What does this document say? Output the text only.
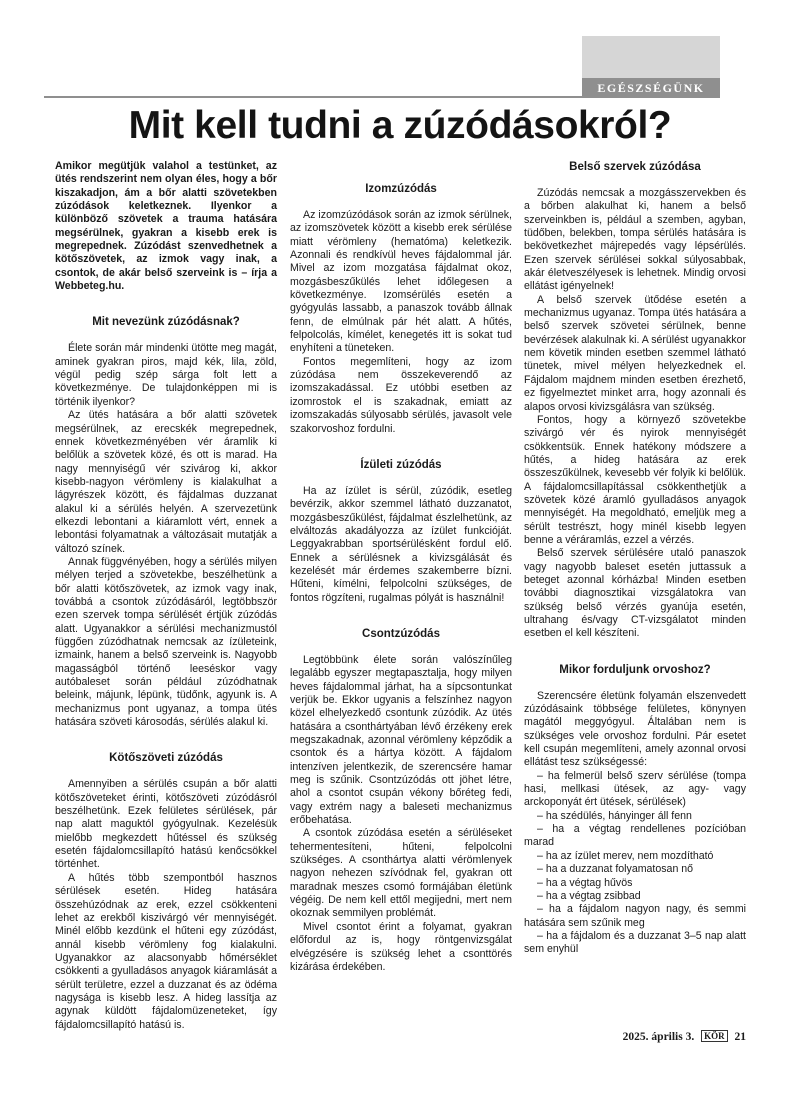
EGÉSZSÉGÜNK
Mit kell tudni a zúzódásokról?

Amikor megütjük valahol a testünket, az ütés rendszerint nem olyan éles, hogy a bőr kiszakadjon, ám a bőr alatti szövetekben zúzódások keletkeznek. Ilyenkor a különböző szövetek a trauma hatására megsérülnek, gyakran a kisebb erek is megrepednek. Zúzódást szenvedhetnek a kötőszövetek, az izmok vagy inak, a csontok, de akár belső szerveink is – írja a Webbeteg.hu.

Mit nevezünk zúzódásnak?

Élete során már mindenki ütötte meg magát, aminek gyakran piros, majd kék, lila, zöld, végül pedig szép sárga folt lett a következménye. De tulajdonképpen mi is történik ilyenkor?

Az ütés hatására a bőr alatti szövetek megsérülnek, az erecskék megrepednek, ennek következményében vér áramlik ki belőlük a szövetek közé, és ott is marad. Ha nagy mennyiségű vér szivárog ki, akkor kisebb-nagyon vérömleny is kialakulhat a lágyrészek között, és fájdalmas duzzanat alakul ki a sérülés helyén. A szervezetünk elkezdi lebontani a kiáramlott vért, ennek a lebontási folyamatnak a változásait mutatják a változó színek.

Annak függvényében, hogy a sérülés milyen mélyen terjed a szövetekbe, beszélhetünk a bőr alatti kötőszövetek, az izmok vagy inak, továbbá a csontok zúzódásáról, legtöbbször ezen szervek tompa sérülését értjük zúzódás alatt. Ugyanakkor a sérülési mechanizmustól függően zúzódhatnak nemcsak az ízületeink, izmaink, hanem a belső szerveink is. Nagyobb magasságból történő leeséskor vagy autóbaleset során például zúzódhatnak beleink, májunk, lépünk, tüdőnk, agyunk is. A mechanizmus pont ugyanaz, a tompa ütés hatására szöveti károsodás, sérülés alakul ki.

Kötőszöveti zúzódás

Amennyiben a sérülés csupán a bőr alatti kötőszöveteket érinti, kötőszöveti zúzódásról beszélhetünk. Ezek felületes sérülések, pár nap alatt maguktól gyógyulnak. Kezelésük mielőbb megkezdett hűtéssel és szükség esetén fájdalomcsillapító hatású kenőcsökkel történhet.

A hűtés több szempontból hasznos sérülések esetén. Hideg hatására összehúzódnak az erek, ezzel csökkenteni lehet az erekből kiszivárgó vér mennyiségét. Minél előbb kezdünk el hűteni egy zúzódást, annál kisebb vérömleny fog kialakulni. Ugyanakkor az alacsonyabb hőmérséklet csökkenti a gyulladásos anyagok kiáramlását a sérült területre, ezzel a duzzanat és az ödéma nagysága is kisebb lesz. A hideg lassítja az agynak küldött fájdalomüzeneteket, így fájdalomcsillapító hatású is.

Izomzúzódás

Az izomzúzódások során az izmok sérülnek, az izomszövetek között a kisebb erek sérülése miatt vérömleny (hematóma) keletkezik. Azonnali és rendkívül heves fájdalommal jár. Mivel az izom mozgatása fájdalmat okoz, mozgásbeszűkülés lehet időlegesen a következménye. Izomsérülés esetén a gyógyulás lassabb, a panaszok tovább állnak fenn, de elmúlnak pár hét alatt. A hűtés, felpolcolás, kímélet, kenegetés itt is sokat tud enyhíteni a tüneteken.

Fontos megemlíteni, hogy az izom zúzódása nem összekeverendő az izomszakadással. Ez utóbbi esetben az izomrostok el is szakadnak, emiatt az izomszakadás súlyosabb sérülés, javasolt vele szakorvoshoz fordulni.

Ízületi zúzódás

Ha az ízület is sérül, zúzódik, esetleg bevérzik, akkor szemmel látható duzzanatot, mozgásbeszűkülést, fájdalmat észlelhetünk, az elváltozás akadályozza az ízület funkcióját. Leggyakrabban sportsérülésként fordul elő. Ennek a sérülésnek a kivizsgálását és kezelését már érdemes szakemberre bízni. Hűteni, kímélni, felpolcolni szükséges, de fontos rögzíteni, rugalmas pólyát is használni!

Csontzúzódás

Legtöbbünk élete során valószínűleg legalább egyszer megtapasztalja, hogy milyen heves fájdalommal járhat, ha a sípcsontunkat verjük be. Ekkor ugyanis a felszínhez nagyon közel elhelyezkedő csontunk zúzódik. Az ütés hatására a csonthártyában lévő érzékeny erek megszakadnak, azonnal vérömleny képződik a csontok és a hártya között. A fájdalom intenzíven jelentkezik, de szerencsére hamar meg is szűnik. Csontzúzódás ott jöhet létre, ahol a csontot csupán vékony bőréteg fedi, vagy extrém nagy a baleseti mechanizmus erőbehatása.

A csontok zúzódása esetén a sérüléseket tehermentesíteni, hűteni, felpolcolni szükséges. A csonthártya alatti vérömlenyek nagyon nehezen szívódnak fel, gyakran ott maradnak meszes csomó formájában életünk végéig. De nem kell ettől megijedni, mert nem okoznak semmilyen problémát.

Mivel csontot érint a folyamat, gyakran előfordul az is, hogy röntgenvizsgálat elvégzésére is szükség lehet a csonttörés kizárása érdekében.

Belső szervek zúzódása

Zúzódás nemcsak a mozgásszervekben és a bőrben alakulhat ki, hanem a belső szerveinkben is, például a szemben, agyban, tüdőben, belekben, tompa sérülés hatására is bekövetkezhet májrepedés vagy lépsérülés. Ezen szervek sérülései sokkal súlyosabbak, akár életveszélyesek is lehetnek. Mindig orvosi ellátást igényelnek!

A belső szervek ütődése esetén a mechanizmus ugyanaz. Tompa ütés hatására a belső szervek szövetei sérülnek, benne bevérzések alakulnak ki. A sérülést ugyanakkor nem követik minden esetben szemmel látható tünetek, mivel mélyen helyezkednek el. Fájdalom majdnem minden esetben érezhető, ez figyelmeztet minket arra, hogy azonnali és alapos orvosi kivizsgálásra van szükség.

Fontos, hogy a környező szövetekbe szivárgó vér és nyirok mennyiségét csökkentsük. Ennek hatékony módszere a hűtés, a hideg hatására az erek összeszűkülnek, kevesebb vér folyik ki belőlük. A fájdalomcsillapítással csökkenthetjük a szövetek közé áramló gyulladásos anyagok mennyiségét. Ha megoldható, emeljük meg a sérült testrészt, hogy minél kisebb legyen benne a véráramlás, ezzel a vérzés.

Belső szervek sérülésére utaló panaszok vagy nagyobb baleset esetén juttassuk a beteget azonnal kórházba! Minden esetben további diagnosztikai vizsgálatokra van szükség belső vérzés gyanúja esetén, ultrahang és/vagy CT-vizsgálatot minden esetben el kell készíteni.

Mikor forduljunk orvoshoz?

Szerencsére életünk folyamán elszenvedett zúzódásaink többsége felületes, könynyen magától meggyógyul. Általában nem is szükséges vele orvoshoz fordulni. Pár esetet kell csupán megemlíteni, amely azonnal orvosi ellátást tesz szükségessé:

– ha felmerül belső szerv sérülése (tompa hasi, mellkasi ütések, az agy- vagy arckoponyát ért ütések, sérülések)

– ha szédülés, hányinger áll fenn

– ha a végtag rendellenes pozícióban marad

– ha az ízület merev, nem mozdítható

– ha a duzzanat folyamatosan nő

– ha a végtag hűvös

– ha a végtag zsibbad

– ha a fájdalom nagyon nagy, és semmi hatására sem szűnik meg

– ha a fájdalom és a duzzanat 3–5 nap alatt sem enyhül

2025. április 3. KÖR 21
